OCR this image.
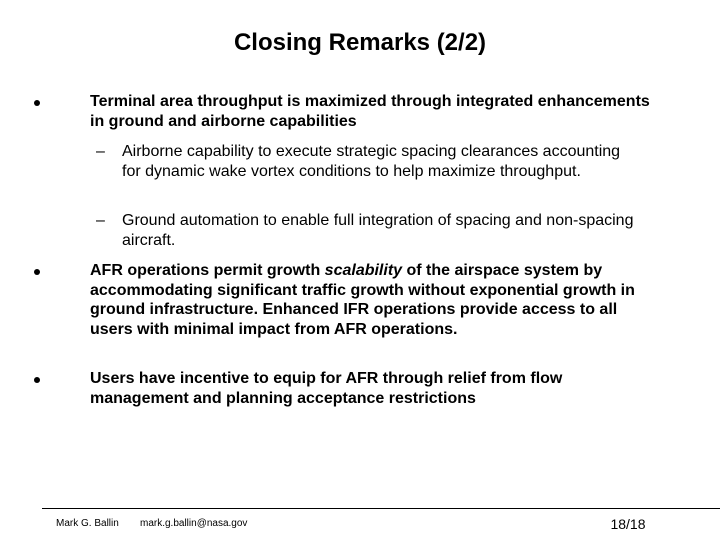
Closing Remarks (2/2)
Terminal area throughput is maximized through integrated enhancements in ground and airborne capabilities
– Airborne capability to execute strategic spacing clearances accounting for dynamic wake vortex conditions to help maximize throughput.
– Ground automation to enable full integration of spacing and non-spacing aircraft.
AFR operations permit growth scalability of the airspace system by accommodating significant traffic growth without exponential growth in ground infrastructure. Enhanced IFR operations provide access to all users with minimal impact from AFR operations.
Users have incentive to equip for AFR through relief from flow management and planning acceptance restrictions
Mark G. Ballin mark.g.ballin@nasa.gov	18/18
